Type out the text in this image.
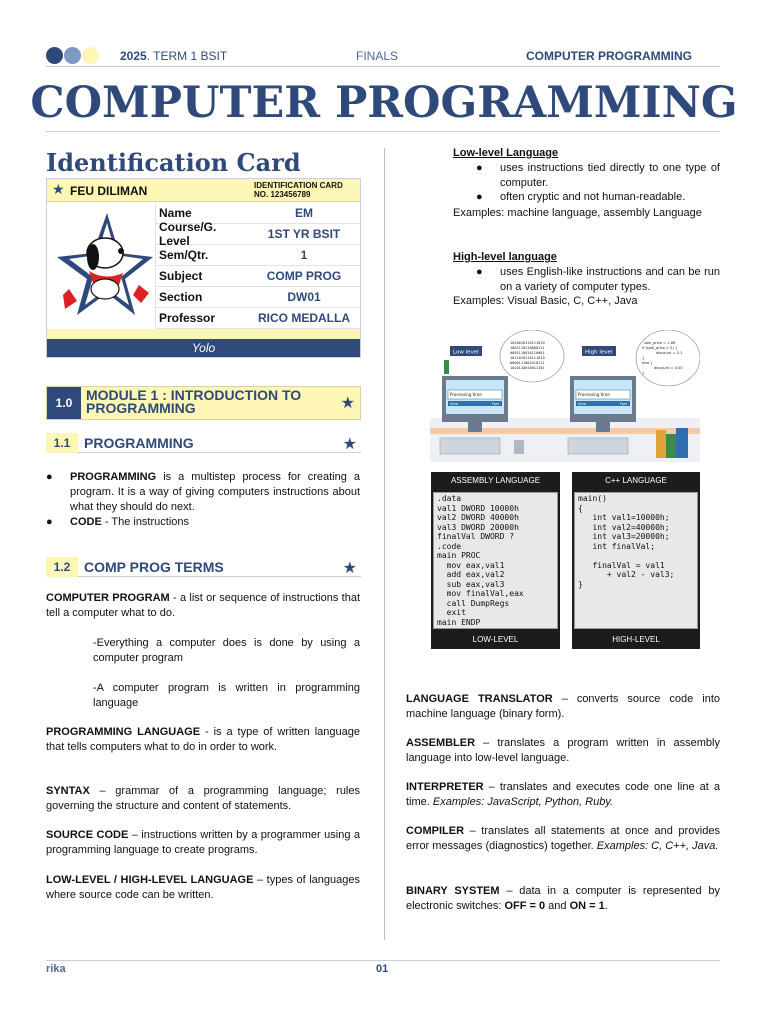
2025. TERM 1 BSIT	FINALS	COMPUTER PROGRAMMING
COMPUTER PROGRAMMING
Identification Card
★ FEU DILIMAN	IDENTIFICATION CARD
NO. 123456789
Name	EM
Course/G. Level	1ST YR BSIT
Sem/Qtr.	1
Subject	COMP PROG
Section	DW01
Professor	RICO MEDALLA
Yolo
1.0 MODULE 1 : INTRODUCTION TO PROGRAMMING	★
1.1 PROGRAMMING	★
● PROGRAMMING is a multistep process for creating a program. It is a way of giving computers instructions about what they should do next.
● CODE - The instructions
1.2 COMP PROG TERMS	★
COMPUTER PROGRAM - a list or sequence of instructions that tell a computer what to do.
-Everything a computer does is done by using a computer program
-A computer program is written in programming language
PROGRAMMING LANGUAGE - is a type of written language that tells computers what to do in order to work.
SYNTAX – grammar of a programming language; rules governing the structure and content of statements.
SOURCE CODE – instructions written by a programmer using a programming language to create programs.
LOW-LEVEL / HIGH-LEVEL LANGUAGE – types of languages where source code can be written.
Low-level Language
● uses instructions tied directly to one type of computer.
● often cryptic and not human-readable.
Examples: machine language, assembly Language
High-level language
● uses English-like instructions and can be run on a variety of computer types.
Examples: Visual Basic, C, C++, Java
Processing time
Slow	Fast
Processing time
Slow	Fast
Low level	High level
1010010110111010
1001110110000111
0001110010110001
1011010110111010
0000111001010111
1010110010011101
sale_price = 1.66
if (sale_price > 2) {
discount = 0.1
}
else {
discount = 0.05
}
ASSEMBLY LANGUAGE
.data
val1 DWORD 10000h
val2 DWORD 40000h
val3 DWORD 20000h
finalVal DWORD ?
.code
main PROC
mov eax,val1
add eax,val2
sub eax,val3
mov finalVal,eax
call DumpRegs
exit
main ENDP
LOW-LEVEL
C++ LANGUAGE
main()
{
int val1=10000h;
int val2=40000h;
int val3=20000h;
int finalVal;

finalVal = val1
+ val2 - val3;
}
HIGH-LEVEL
LANGUAGE TRANSLATOR – converts source code into machine language (binary form).
ASSEMBLER – translates a program written in assembly language into low-level language.
INTERPRETER – translates and executes code one line at a time. Examples: JavaScript, Python, Ruby.
COMPILER – translates all statements at once and provides error messages (diagnostics) together. Examples: C, C++, Java.
BINARY SYSTEM – data in a computer is represented by electronic switches: OFF = 0 and ON = 1.
rika	01
